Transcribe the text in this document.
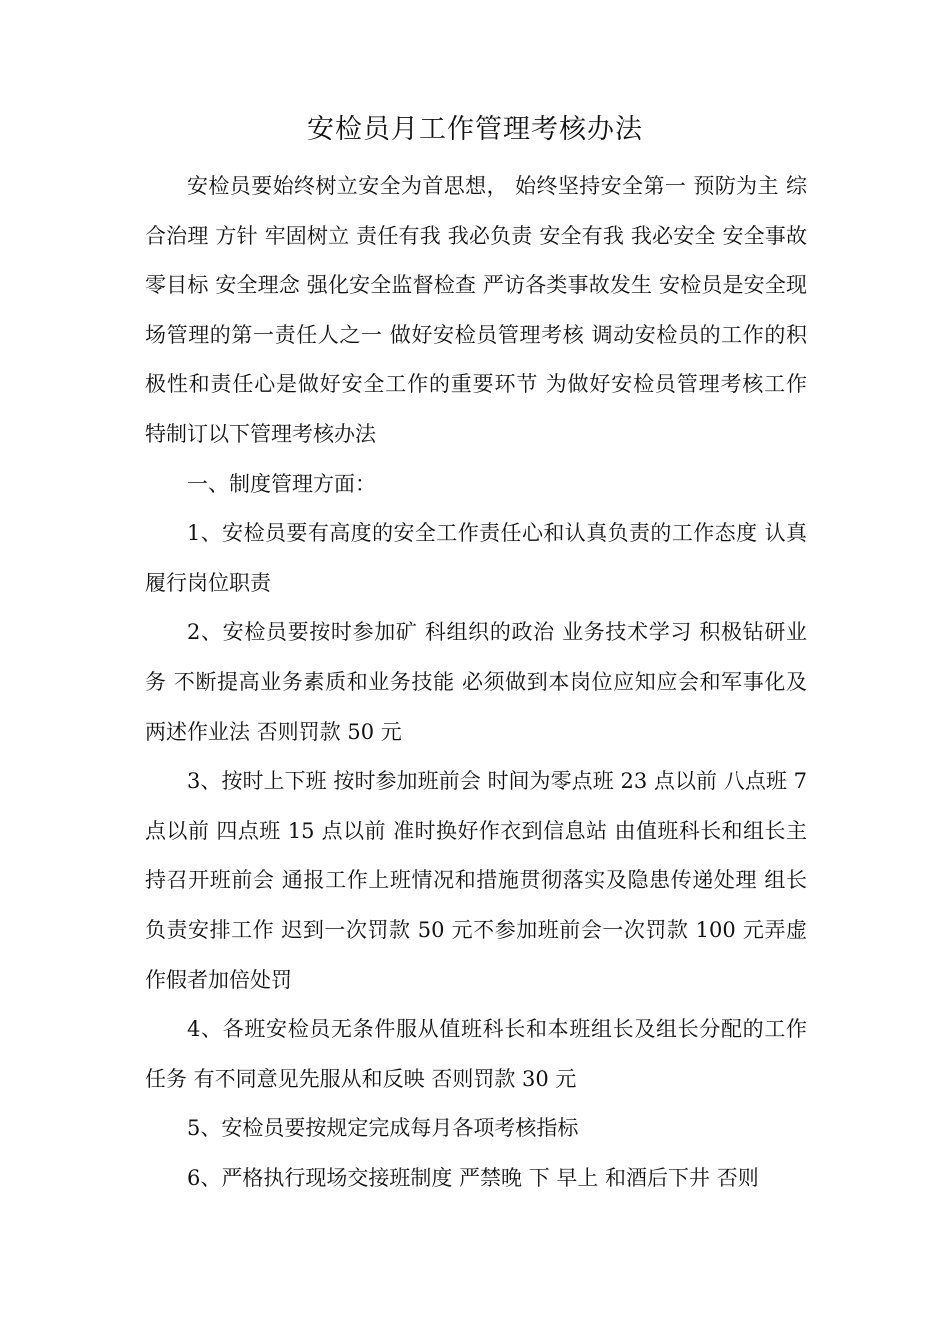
安检员月工作管理考核办法

安检员要始终树立安全为首思想， 始终坚持安全第一 预防为主 综合治理 方针 牢固树立 责任有我 我必负责 安全有我 我必安全 安全事故零目标 安全理念 强化安全监督检查 严访各类事故发生 安检员是安全现场管理的第一责任人之一 做好安检员管理考核 调动安检员的工作的积极性和责任心是做好安全工作的重要环节 为做好安检员管理考核工作 特制订以下管理考核办法

一、制度管理方面：

1、安检员要有高度的安全工作责任心和认真负责的工作态度 认真履行岗位职责

2、安检员要按时参加矿 科组织的政治 业务技术学习 积极钻研业务 不断提高业务素质和业务技能 必须做到本岗位应知应会和军事化及两述作业法 否则罚款 50 元

3、按时上下班 按时参加班前会 时间为零点班 23 点以前 八点班 7 点以前 四点班 15 点以前 准时换好作衣到信息站 由值班科长和组长主持召开班前会 通报工作上班情况和措施贯彻落实及隐患传递处理 组长负责安排工作 迟到一次罚款 50 元不参加班前会一次罚款 100 元弄虚作假者加倍处罚

4、各班安检员无条件服从值班科长和本班组长及组长分配的工作任务 有不同意见先服从和反映 否则罚款 30 元

5、安检员要按规定完成每月各项考核指标

6、严格执行现场交接班制度 严禁晚 下 早上 和酒后下井 否则
